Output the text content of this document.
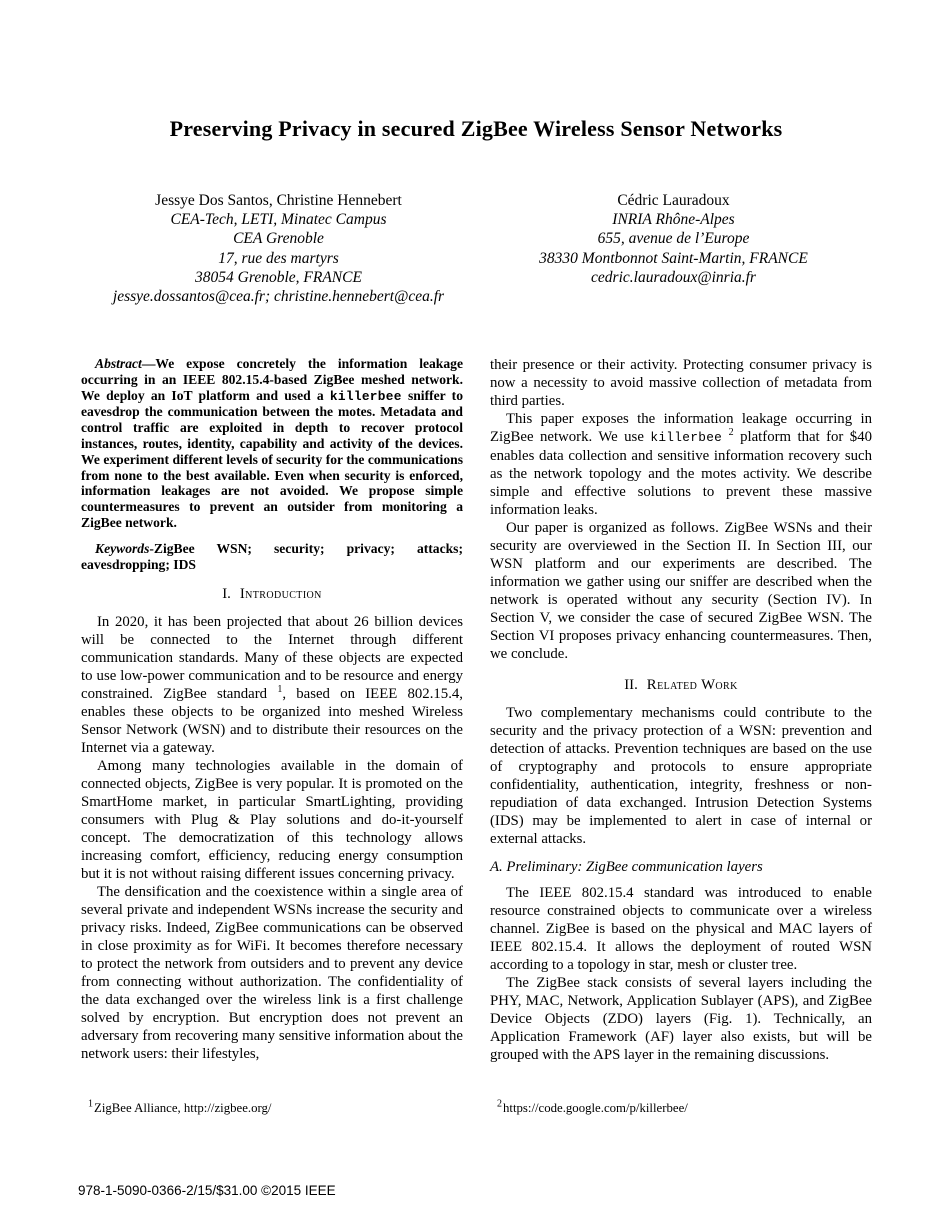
Preserving Privacy in secured ZigBee Wireless Sensor Networks
Jessye Dos Santos, Christine Hennebert
CEA-Tech, LETI, Minatec Campus
CEA Grenoble
17, rue des martyrs
38054 Grenoble, FRANCE
jessye.dossantos@cea.fr; christine.hennebert@cea.fr
Cédric Lauradoux
INRIA Rhône-Alpes
655, avenue de l’Europe
38330 Montbonnot Saint-Martin, FRANCE
cedric.lauradoux@inria.fr

Abstract—We expose concretely the information leakage occurring in an IEEE 802.15.4-based ZigBee meshed network. We deploy an IoT platform and used a killerbee sniffer to eavesdrop the communication between the motes. Metadata and control traffic are exploited in depth to recover protocol instances, routes, identity, capability and activity of the devices. We experiment different levels of security for the communications from none to the best available. Even when security is enforced, information leakages are not avoided. We propose simple countermeasures to prevent an outsider from monitoring a ZigBee network.

Keywords-ZigBee WSN; security; privacy; attacks; eavesdropping; IDS

I. Introduction

In 2020, it has been projected that about 26 billion devices will be connected to the Internet through different communication standards. Many of these objects are expected to use low-power communication and to be resource and energy constrained. ZigBee standard $^1$, based on IEEE 802.15.4, enables these objects to be organized into meshed Wireless Sensor Network (WSN) and to distribute their resources on the Internet via a gateway.

Among many technologies available in the domain of connected objects, ZigBee is very popular. It is promoted on the SmartHome market, in particular SmartLighting, providing consumers with Plug & Play solutions and do-it-yourself concept. The democratization of this technology allows increasing comfort, efficiency, reducing energy consumption but it is not without raising different issues concerning privacy.

The densification and the coexistence within a single area of several private and independent WSNs increase the security and privacy risks. Indeed, ZigBee communications can be observed in close proximity as for WiFi. It becomes therefore necessary to protect the network from outsiders and to prevent any device from connecting without authorization. The confidentiality of the data exchanged over the wireless link is a first challenge solved by encryption. But encryption does not prevent an adversary from recovering many sensitive information about the network users: their lifestyles,

their presence or their activity. Protecting consumer privacy is now a necessity to avoid massive collection of metadata from third parties.

This paper exposes the information leakage occurring in ZigBee network. We use killerbee $^2$ platform that for $40 enables data collection and sensitive information recovery such as the network topology and the motes activity. We describe simple and effective solutions to prevent these massive information leaks.

Our paper is organized as follows. ZigBee WSNs and their security are overviewed in the Section II. In Section III, our WSN platform and our experiments are described. The information we gather using our sniffer are described when the network is operated without any security (Section IV). In Section V, we consider the case of secured ZigBee WSN. The Section VI proposes privacy enhancing countermeasures. Then, we conclude.

II. Related Work

Two complementary mechanisms could contribute to the security and the privacy protection of a WSN: prevention and detection of attacks. Prevention techniques are based on the use of cryptography and protocols to ensure appropriate confidentiality, authentication, integrity, freshness or non-repudiation of data exchanged. Intrusion Detection Systems (IDS) may be implemented to alert in case of internal or external attacks.

A. Preliminary: ZigBee communication layers

The IEEE 802.15.4 standard was introduced to enable resource constrained objects to communicate over a wireless channel. ZigBee is based on the physical and MAC layers of IEEE 802.15.4. It allows the deployment of routed WSN according to a topology in star, mesh or cluster tree.

The ZigBee stack consists of several layers including the PHY, MAC, Network, Application Sublayer (APS), and ZigBee Device Objects (ZDO) layers (Fig. 1). Technically, an Application Framework (AF) layer also exists, but will be grouped with the APS layer in the remaining discussions.

$^1$ZigBee Alliance, http://zigbee.org/	$^2$https://code.google.com/p/killerbee/
978-1-5090-0366-2/15/$31.00 ©2015 IEEE
